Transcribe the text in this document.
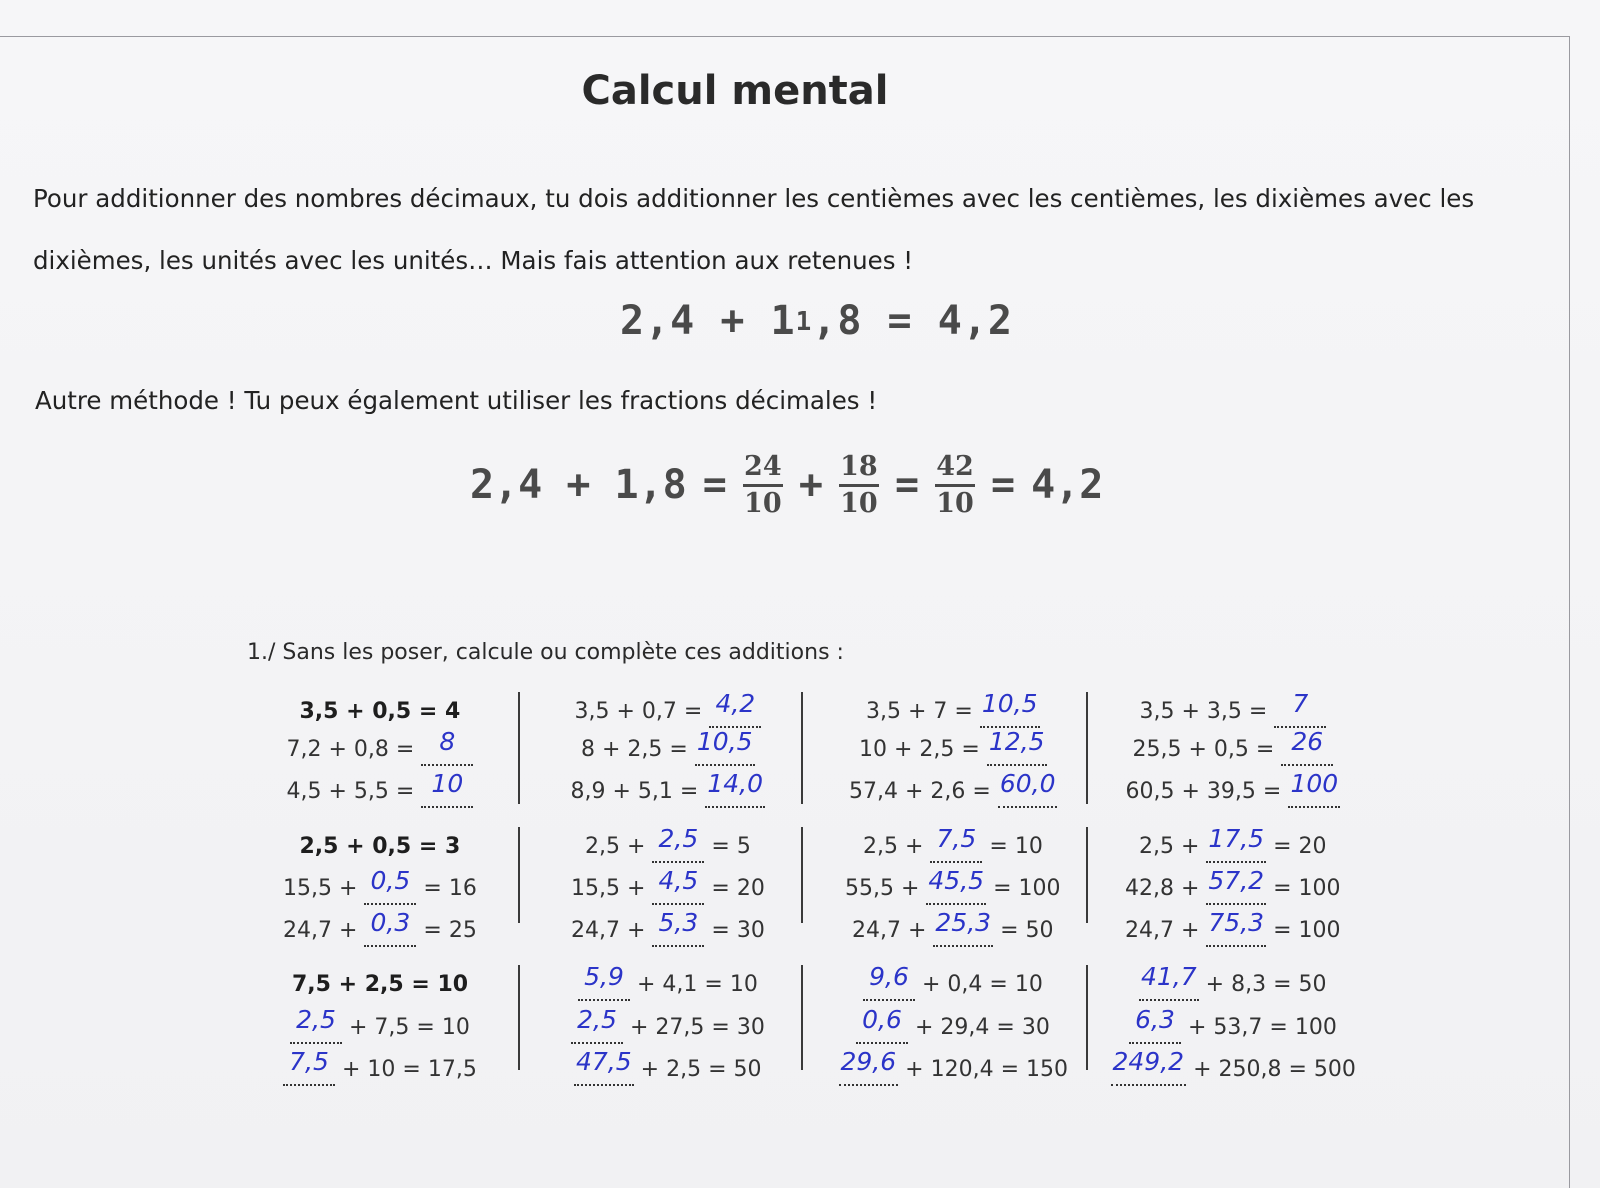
Calcul mental
Pour additionner des nombres décimaux, tu dois additionner les centièmes avec les centièmes, les dixièmes avec les dixièmes, les unités avec les unités… Mais fais attention aux retenues !
$2,4 + 1^1,8 = 4,2$
Autre méthode ! Tu peux également utiliser les fractions décimales !
$2,4 + 1,8 = \frac{24}{10} + \frac{18}{10} = \frac{42}{10} = 4,2$
1./ Sans les poser, calcule ou complète ces additions :
3,5 + 0,5 = 4	3,5 + 0,7 = 4,2	3,5 + 7 = 10,5	3,5 + 3,5 = 7
7,2 + 0,8 = 8	8 + 2,5 = 10,5	10 + 2,5 = 12,5	25,5 + 0,5 = 26
4,5 + 5,5 = 10	8,9 + 5,1 = 14,0	57,4 + 2,6 = 60,0	60,5 + 39,5 = 100
2,5 + 0,5 = 3	2,5 + 2,5 = 5	2,5 + 7,5 = 10	2,5 + 17,5 = 20
15,5 + 0,5 = 16	15,5 + 4,5 = 20	55,5 + 45,5 = 100	42,8 + 57,2 = 100
24,7 + 0,3 = 25	24,7 + 5,3 = 30	24,7 + 25,3 = 50	24,7 + 75,3 = 100
7,5 + 2,5 = 10	5,9 + 4,1 = 10	9,6 + 0,4 = 10	41,7 + 8,3 = 50
2,5 + 7,5 = 10	2,5 + 27,5 = 30	0,6 + 29,4 = 30	6,3 + 53,7 = 100
7,5 + 10 = 17,5	47,5 + 2,5 = 50	29,6 + 120,4 = 150 249,2 + 250,8 = 500
